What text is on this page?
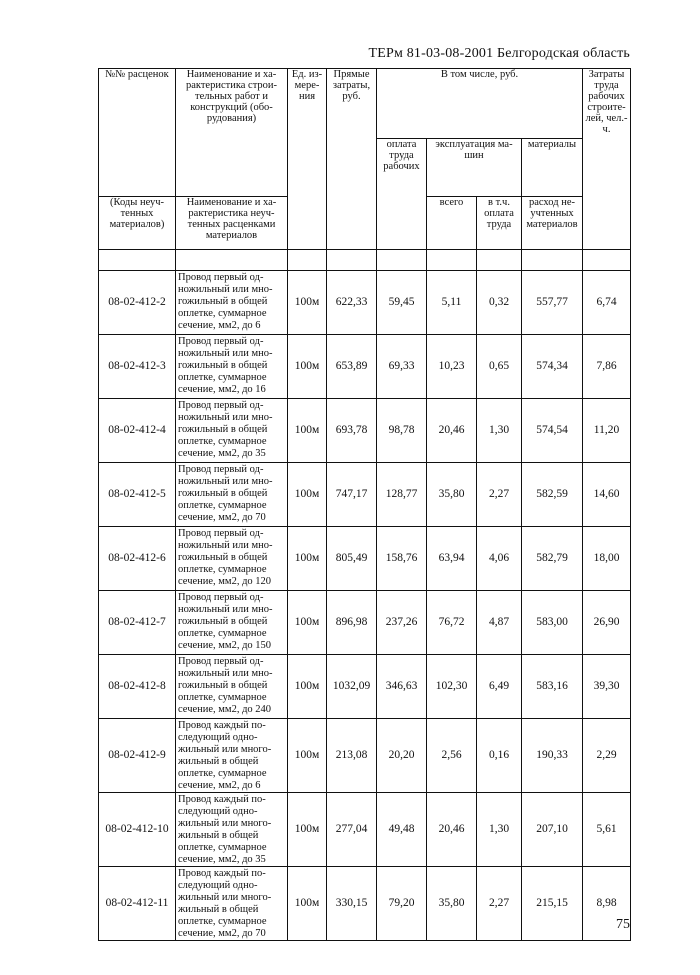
ТЕРм 81-03-08-2001 Белгородская область
№№ расценок	Наименование и ха-рактеристика строи-тельных работ и конструкций (обо-рудования)	Ед. из-мере-ния	Прямые затраты, руб.	В том числе, руб.				Затраты труда рабочих строите-лей, чел.-ч.
				оплата труда рабочих	эксплуатация ма-шин		материалы	
(Коды неуч-тенных материалов)	Наименование и ха-рактеристика неуч-тенных расценками материалов				всего	в т.ч. оплата труда	расход не-учтенных материалов	

08-02-412-2	Провод первый од-ножильный или мно-гожильный в общей оплетке, суммарное сечение, мм2, до 6	100м	622,33	59,45	5,11	0,32	557,77	6,74
08-02-412-3	Провод первый од-ножильный или мно-гожильный в общей оплетке, суммарное сечение, мм2, до 16	100м	653,89	69,33	10,23	0,65	574,34	7,86
08-02-412-4	Провод первый од-ножильный или мно-гожильный в общей оплетке, суммарное сечение, мм2, до 35	100м	693,78	98,78	20,46	1,30	574,54	11,20
08-02-412-5	Провод первый од-ножильный или мно-гожильный в общей оплетке, суммарное сечение, мм2, до 70	100м	747,17	128,77	35,80	2,27	582,59	14,60
08-02-412-6	Провод первый од-ножильный или мно-гожильный в общей оплетке, суммарное сечение, мм2, до 120	100м	805,49	158,76	63,94	4,06	582,79	18,00
08-02-412-7	Провод первый од-ножильный или мно-гожильный в общей оплетке, суммарное сечение, мм2, до 150	100м	896,98	237,26	76,72	4,87	583,00	26,90
08-02-412-8	Провод первый од-ножильный или мно-гожильный в общей оплетке, суммарное сечение, мм2, до 240	100м	1032,09	346,63	102,30	6,49	583,16	39,30
08-02-412-9	Провод каждый по-следующий одно-жильный или много-жильный в общей оплетке, суммарное сечение, мм2, до 6	100м	213,08	20,20	2,56	0,16	190,33	2,29
08-02-412-10	Провод каждый по-следующий одно-жильный или много-жильный в общей оплетке, суммарное сечение, мм2, до 35	100м	277,04	49,48	20,46	1,30	207,10	5,61
08-02-412-11	Провод каждый по-следующий одно-жильный или много-жильный в общей оплетке, суммарное сечение, мм2, до 70	100м	330,15	79,20	35,80	2,27	215,15	8,98
75
